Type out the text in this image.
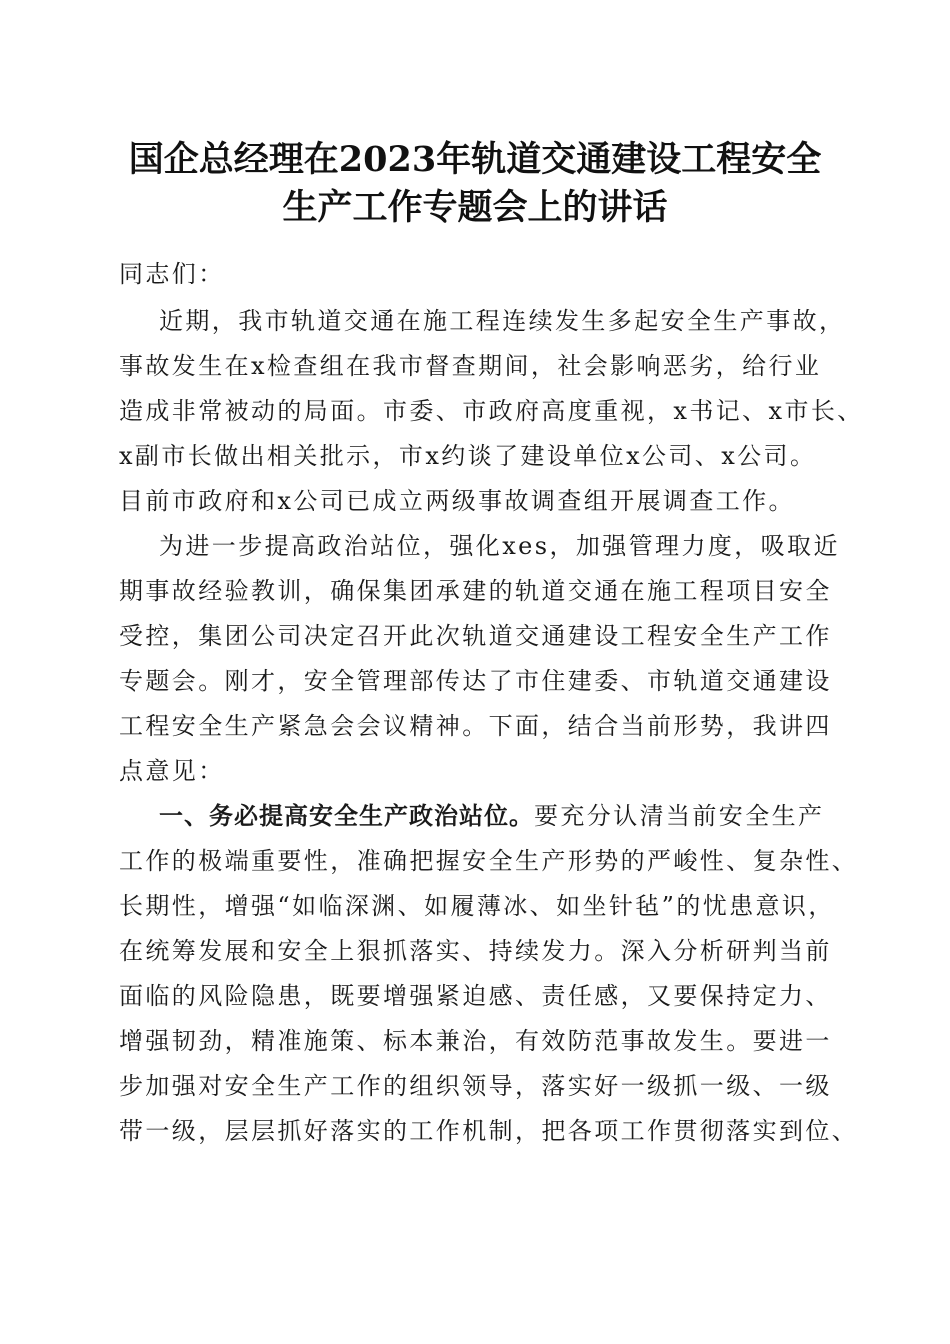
国企总经理在2023年轨道交通建设工程安全
生产工作专题会上的讲话
同志们：
近期，我市轨道交通在施工程连续发生多起安全生产事故，
事故发生在x检查组在我市督查期间，社会影响恶劣，给行业
造成非常被动的局面。市委、市政府高度重视，x书记、x市长、
x副市长做出相关批示，市x约谈了建设单位x公司、x公司。
目前市政府和x公司已成立两级事故调查组开展调查工作。
为进一步提高政治站位，强化xes，加强管理力度，吸取近
期事故经验教训，确保集团承建的轨道交通在施工程项目安全
受控，集团公司决定召开此次轨道交通建设工程安全生产工作
专题会。刚才，安全管理部传达了市住建委、市轨道交通建设
工程安全生产紧急会会议精神。下面，结合当前形势，我讲四
点意见：
一、务必提高安全生产政治站位。要充分认清当前安全生产
工作的极端重要性，准确把握安全生产形势的严峻性、复杂性、
长期性，增强“如临深渊、如履薄冰、如坐针毡”的忧患意识，
在统筹发展和安全上狠抓落实、持续发力。深入分析研判当前
面临的风险隐患，既要增强紧迫感、责任感，又要保持定力、
增强韧劲，精准施策、标本兼治，有效防范事故发生。要进一
步加强对安全生产工作的组织领导，落实好一级抓一级、一级
带一级，层层抓好落实的工作机制，把各项工作贯彻落实到位、
